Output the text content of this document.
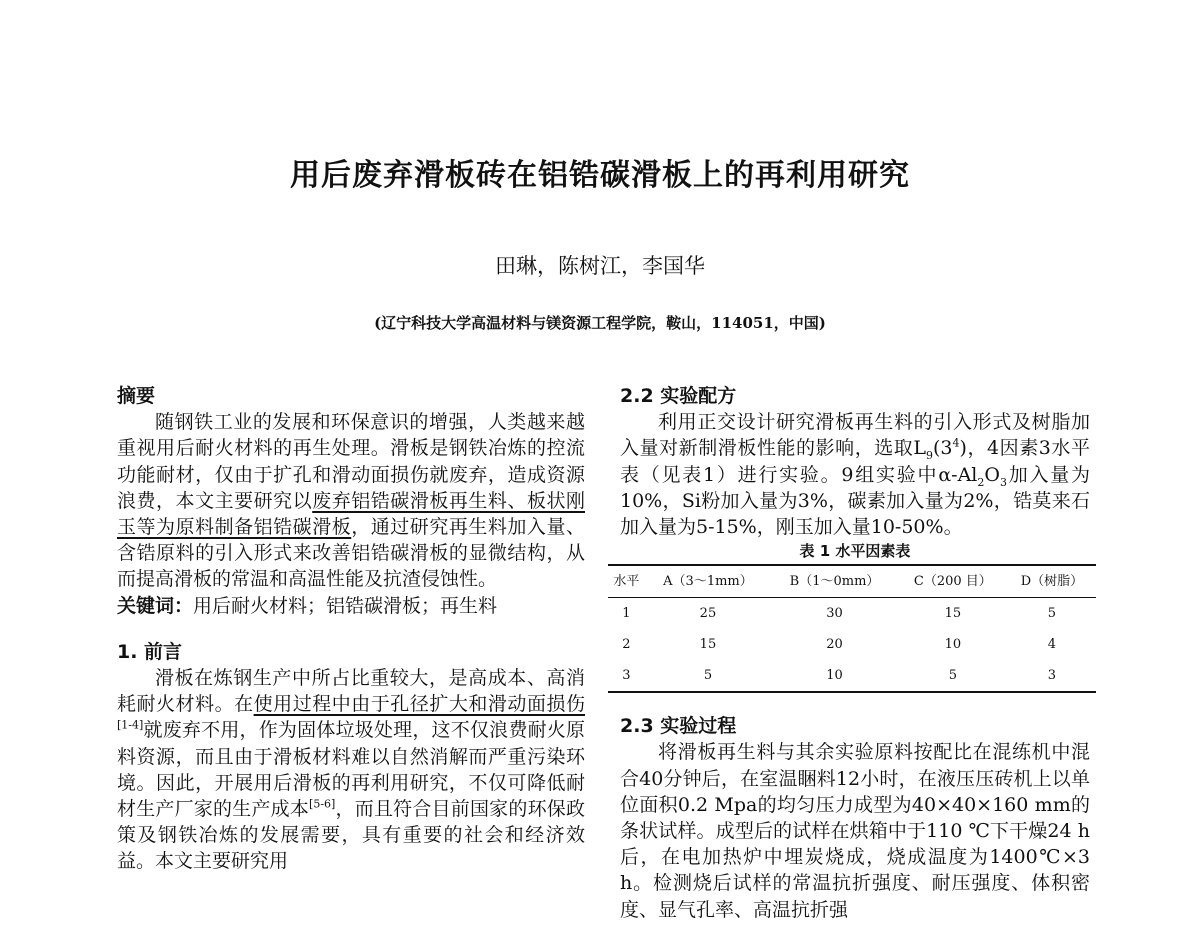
用后废弃滑板砖在铝锆碳滑板上的再利用研究
田琳，陈树江，李国华
(辽宁科技大学高温材料与镁资源工程学院，鞍山，114051，中国)
摘要

随钢铁工业的发展和环保意识的增强，人类越来越重视用后耐火材料的再生处理。滑板是钢铁冶炼的控流功能耐材，仅由于扩孔和滑动面损伤就废弃，造成资源浪费，本文主要研究以废弃铝锆碳滑板再生料、板状刚玉等为原料制备铝锆碳滑板，通过研究再生料加入量、含锆原料的引入形式来改善铝锆碳滑板的显微结构，从而提高滑板的常温和高温性能及抗渣侵蚀性。

关键词：用后耐火材料；铝锆碳滑板；再生料
1. 前言

滑板在炼钢生产中所占比重较大，是高成本、高消耗耐火材料。在使用过程中由于孔径扩大和滑动面损伤[1-4]就废弃不用，作为固体垃圾处理，这不仅浪费耐火原料资源，而且由于滑板材料难以自然消解而严重污染环境。因此，开展用后滑板的再利用研究，不仅可降低耐材生产厂家的生产成本[5-6]，而且符合目前国家的环保政策及钢铁冶炼的发展需要，具有重要的社会和经济效益。本文主要研究用

2.2 实验配方

利用正交设计研究滑板再生料的引入形式及树脂加入量对新制滑板性能的影响，选取$L_9(3^4)$，4因素3水平表（见表1）进行实验。9组实验中$\alpha-Al_2O_3$加入量为10%，Si粉加入量为3%，碳素加入量为2%，锆莫来石加入量为5-15%，刚玉加入量10-50%。

表 1 水平因素表
水平	A（3～1mm）	B（1～0mm）	C（200 目）	D（树脂）
1	25	30	15	5
2	15	20	10	4
3	5	10	5	3
2.3 实验过程

将滑板再生料与其余实验原料按配比在混练机中混合40分钟后，在室温睏料12小时，在液压压砖机上以单位面积0.2 Mpa的均匀压力成型为40×40×160 mm的条状试样。成型后的试样在烘箱中于110 ℃下干燥24 h后，在电加热炉中埋炭烧成，烧成温度为1400℃×3 h。检测烧后试样的常温抗折强度、耐压强度、体积密度、显气孔率、高温抗折强
